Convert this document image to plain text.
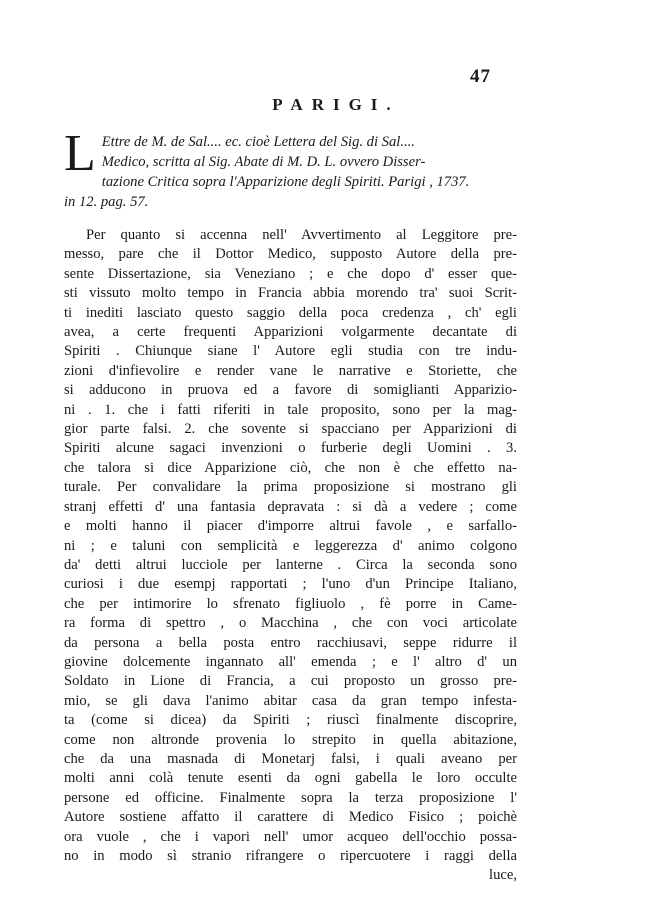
47
PARIGI.
L Ettre de M. de Sal.... ec. cioè Lettera del Sig. di Sal....
Medico, scritta al Sig. Abate di M. D. L. ovvero Disser-
tazione Critica sopra l'Apparizione degli Spiriti. Parigi , 1737.
in 12. pag. 57.
Per quanto si accenna nell' Avvertimento al Leggitore pre-
messo, pare che il Dottor Medico, supposto Autore della pre-
sente Dissertazione, sia Veneziano ; e che dopo d' esser que-
sti vissuto molto tempo in Francia abbia morendo tra' suoi Scrit-
ti inediti lasciato questo saggio della poca credenza , ch' egli
avea, a certe frequenti Apparizioni volgarmente decantate di
Spiriti . Chiunque siane l' Autore egli studia con tre indu-
zioni d'infievolire e render vane le narrative e Storiette, che
si adducono in pruova ed a favore di somiglianti Apparizio-
ni . 1. che i fatti riferiti in tale proposito, sono per la mag-
gior parte falsi. 2. che sovente si spacciano per Apparizioni di
Spiriti alcune sagaci invenzioni o furberie degli Uomini . 3.
che talora si dice Apparizione ciò, che non è che effetto na-
turale. Per convalidare la prima proposizione si mostrano gli
stranj effetti d' una fantasia depravata : si dà a vedere ; come
e molti hanno il piacer d'imporre altrui favole , e sarfallo-
ni ; e taluni con semplicità e leggerezza d' animo colgono
da' detti altrui lucciole per lanterne . Circa la seconda sono
curiosi i due esempj rapportati ; l'uno d'un Principe Italiano,
che per intimorire lo sfrenato figliuolo , fè porre in Came-
ra forma di spettro , o Macchina , che con voci articolate
da persona a bella posta entro racchiusavi, seppe ridurre il
giovine dolcemente ingannato all' emenda ; e l' altro d' un
Soldato in Lione di Francia, a cui proposto un grosso pre-
mio, se gli dava l'animo abitar casa da gran tempo infesta-
ta (come si dicea) da Spiriti ; riuscì finalmente discoprire,
come non altronde provenia lo strepito in quella abitazione,
che da una masnada di Monetarj falsi, i quali aveano per
molti anni colà tenute esenti da ogni gabella le loro occulte
persone ed officine. Finalmente sopra la terza proposizione l'
Autore sostiene affatto il carattere di Medico Fisico ; poichè
ora vuole , che i vapori nell' umor acqueo dell'occhio possa-
no in modo sì stranio rifrangere o ripercuotere i raggi della
luce,
